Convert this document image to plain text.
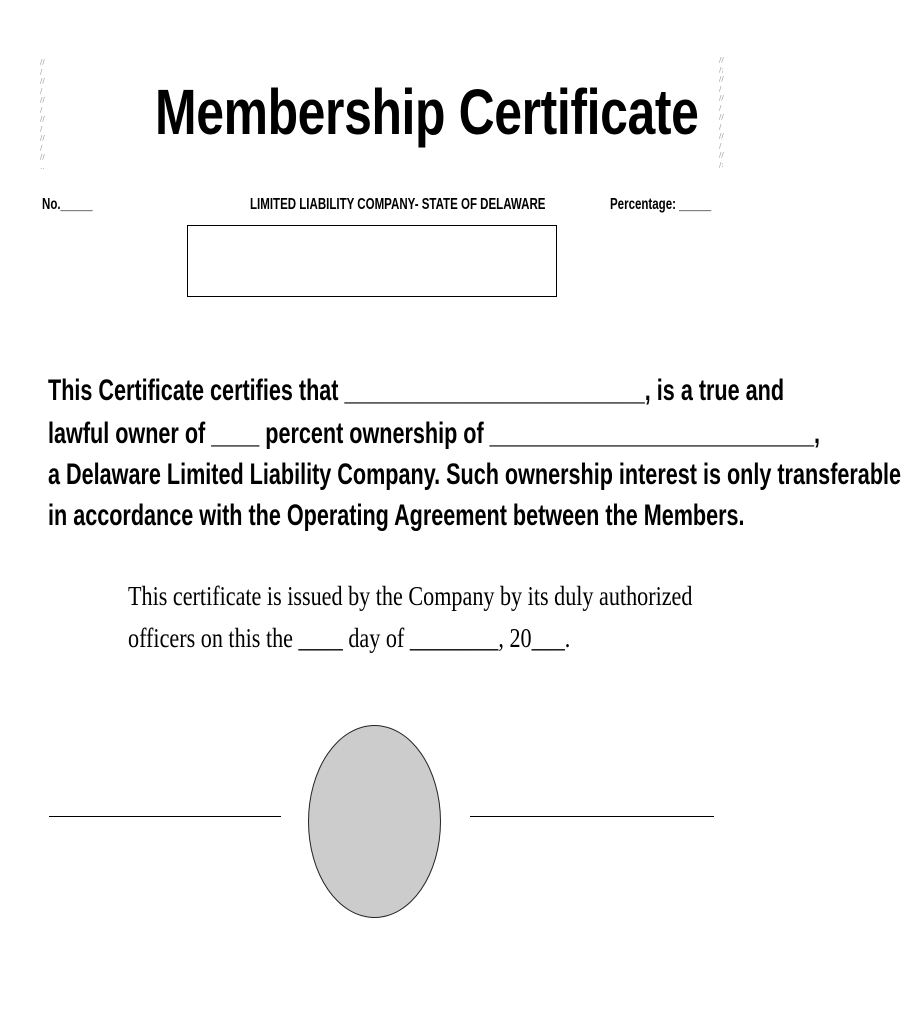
//
/
//
/
//
/
//
/
//
/
//
..
//
/;
//
/
//
/
//
/
//
/
//
/:
Membership Certificate
No._____	LIMITED LIABILITY COMPANY- STATE OF DELAWARE	Percentage: _____
This Certificate certifies that _________________________, is a true and
lawful owner of ____ percent ownership of ___________________________,
a Delaware Limited Liability Company. Such ownership interest is only transferable
in accordance with the Operating Agreement between the Members.
This certificate is issued by the Company by its duly authorized
officers on this the ____ day of ________, 20___.
